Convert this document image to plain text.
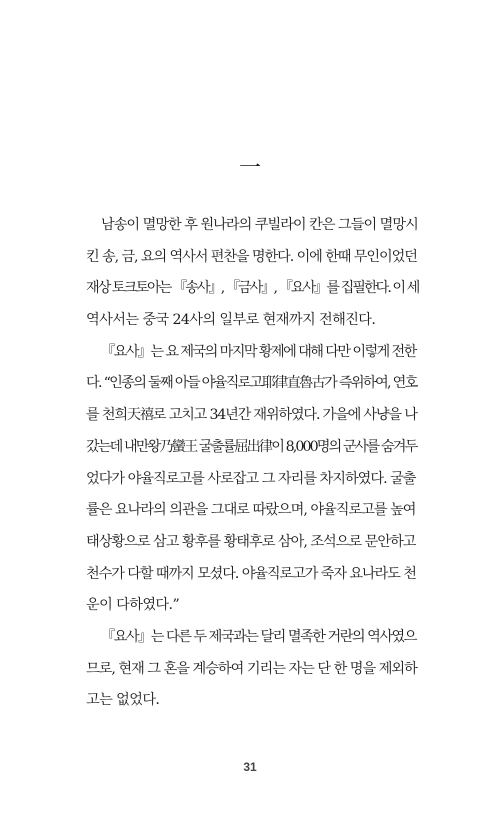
一
남송이 멸망한 후 원나라의 쿠빌라이 칸은 그들이 멸망시
킨 송, 금, 요의 역사서 편찬을 명한다. 이에 한때 무인이었던
재상 토크토아는 『송사』, 『금사』, 『요사』를 집필한다. 이 세
역사서는 중국 24사의 일부로 현재까지 전해진다.
『요사』는 요 제국의 마지막 황제에 대해 다만 이렇게 전한
다. “인종의 둘째 아들 야율직로고耶律直魯古가 즉위하여, 연호
를 천희天禧로 고치고 34년간 재위하였다. 가을에 사냥을 나
갔는데 내만왕乃蠻王 굴출률屈出律이 8,000명의 군사를 숨겨두
었다가 야율직로고를 사로잡고 그 자리를 차지하였다. 굴출
률은 요나라의 의관을 그대로 따랐으며, 야율직로고를 높여
태상황으로 삼고 황후를 황태후로 삼아, 조석으로 문안하고
천수가 다할 때까지 모셨다. 야율직로고가 죽자 요나라도 천
운이 다하였다.”
『요사』는 다른 두 제국과는 달리 멸족한 거란의 역사였으
므로, 현재 그 혼을 계승하여 기리는 자는 단 한 명을 제외하
고는 없었다.
31
